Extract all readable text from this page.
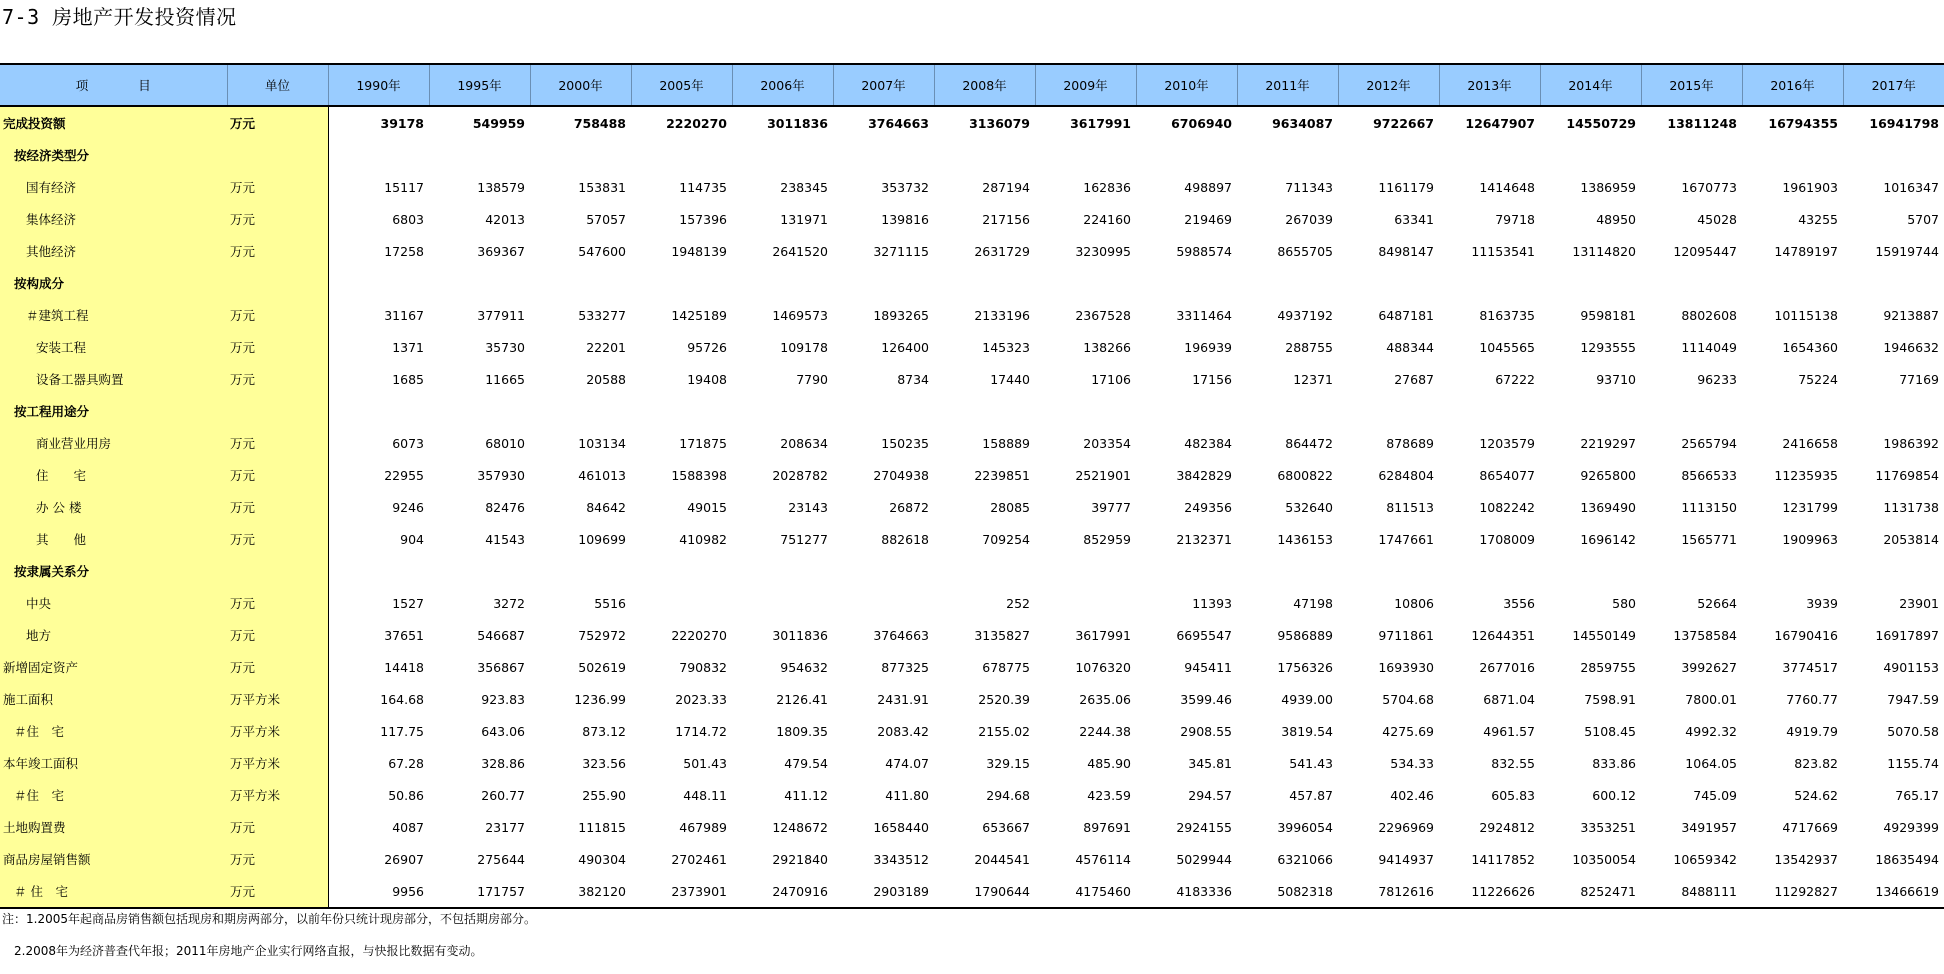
7-3 房地产开发投资情况
项　　　　目	单位	1990年	1995年	2000年	2005年	2006年	2007年	2008年	2009年	2010年	2011年	2012年	2013年	2014年	2015年	2016年	2017年
完成投资额	万元	39178	549959	758488	2220270	3011836	3764663	3136079	3617991	6706940	9634087	9722667	12647907	14550729	13811248	16794355	16941798
按经济类型分																	
国有经济	万元	15117	138579	153831	114735	238345	353732	287194	162836	498897	711343	1161179	1414648	1386959	1670773	1961903	1016347
集体经济	万元	6803	42013	57057	157396	131971	139816	217156	224160	219469	267039	63341	79718	48950	45028	43255	5707
其他经济	万元	17258	369367	547600	1948139	2641520	3271115	2631729	3230995	5988574	8655705	8498147	11153541	13114820	12095447	14789197	15919744
按构成分																	
＃建筑工程	万元	31167	377911	533277	1425189	1469573	1893265	2133196	2367528	3311464	4937192	6487181	8163735	9598181	8802608	10115138	9213887
安装工程	万元	1371	35730	22201	95726	109178	126400	145323	138266	196939	288755	488344	1045565	1293555	1114049	1654360	1946632
设备工器具购置	万元	1685	11665	20588	19408	7790	8734	17440	17106	17156	12371	27687	67222	93710	96233	75224	77169
按工程用途分																	
商业营业用房	万元	6073	68010	103134	171875	208634	150235	158889	203354	482384	864472	878689	1203579	2219297	2565794	2416658	1986392
住　　宅	万元	22955	357930	461013	1588398	2028782	2704938	2239851	2521901	3842829	6800822	6284804	8654077	9265800	8566533	11235935	11769854
办 公 楼	万元	9246	82476	84642	49015	23143	26872	28085	39777	249356	532640	811513	1082242	1369490	1113150	1231799	1131738
其　　他	万元	904	41543	109699	410982	751277	882618	709254	852959	2132371	1436153	1747661	1708009	1696142	1565771	1909963	2053814
按隶属关系分																	
中央	万元	1527	3272	5516				252		11393	47198	10806	3556	580	52664	3939	23901
地方	万元	37651	546687	752972	2220270	3011836	3764663	3135827	3617991	6695547	9586889	9711861	12644351	14550149	13758584	16790416	16917897
新增固定资产	万元	14418	356867	502619	790832	954632	877325	678775	1076320	945411	1756326	1693930	2677016	2859755	3992627	3774517	4901153
施工面积	万平方米	164.68	923.83	1236.99	2023.33	2126.41	2431.91	2520.39	2635.06	3599.46	4939.00	5704.68	6871.04	7598.91	7800.01	7760.77	7947.59
＃住　宅	万平方米	117.75	643.06	873.12	1714.72	1809.35	2083.42	2155.02	2244.38	2908.55	3819.54	4275.69	4961.57	5108.45	4992.32	4919.79	5070.58
本年竣工面积	万平方米	67.28	328.86	323.56	501.43	479.54	474.07	329.15	485.90	345.81	541.43	534.33	832.55	833.86	1064.05	823.82	1155.74
＃住　宅	万平方米	50.86	260.77	255.90	448.11	411.12	411.80	294.68	423.59	294.57	457.87	402.46	605.83	600.12	745.09	524.62	765.17
土地购置费	万元	4087	23177	111815	467989	1248672	1658440	653667	897691	2924155	3996054	2296969	2924812	3353251	3491957	4717669	4929399
商品房屋销售额	万元	26907	275644	490304	2702461	2921840	3343512	2044541	4576114	5029944	6321066	9414937	14117852	10350054	10659342	13542937	18635494
＃ 住　宅	万元	9956	171757	382120	2373901	2470916	2903189	1790644	4175460	4183336	5082318	7812616	11226626	8252471	8488111	11292827	13466619
注：1.2005年起商品房销售额包括现房和期房两部分，以前年份只统计现房部分，不包括期房部分。
2.2008年为经济普查代年报；2011年房地产企业实行网络直报，与快报比数据有变动。
